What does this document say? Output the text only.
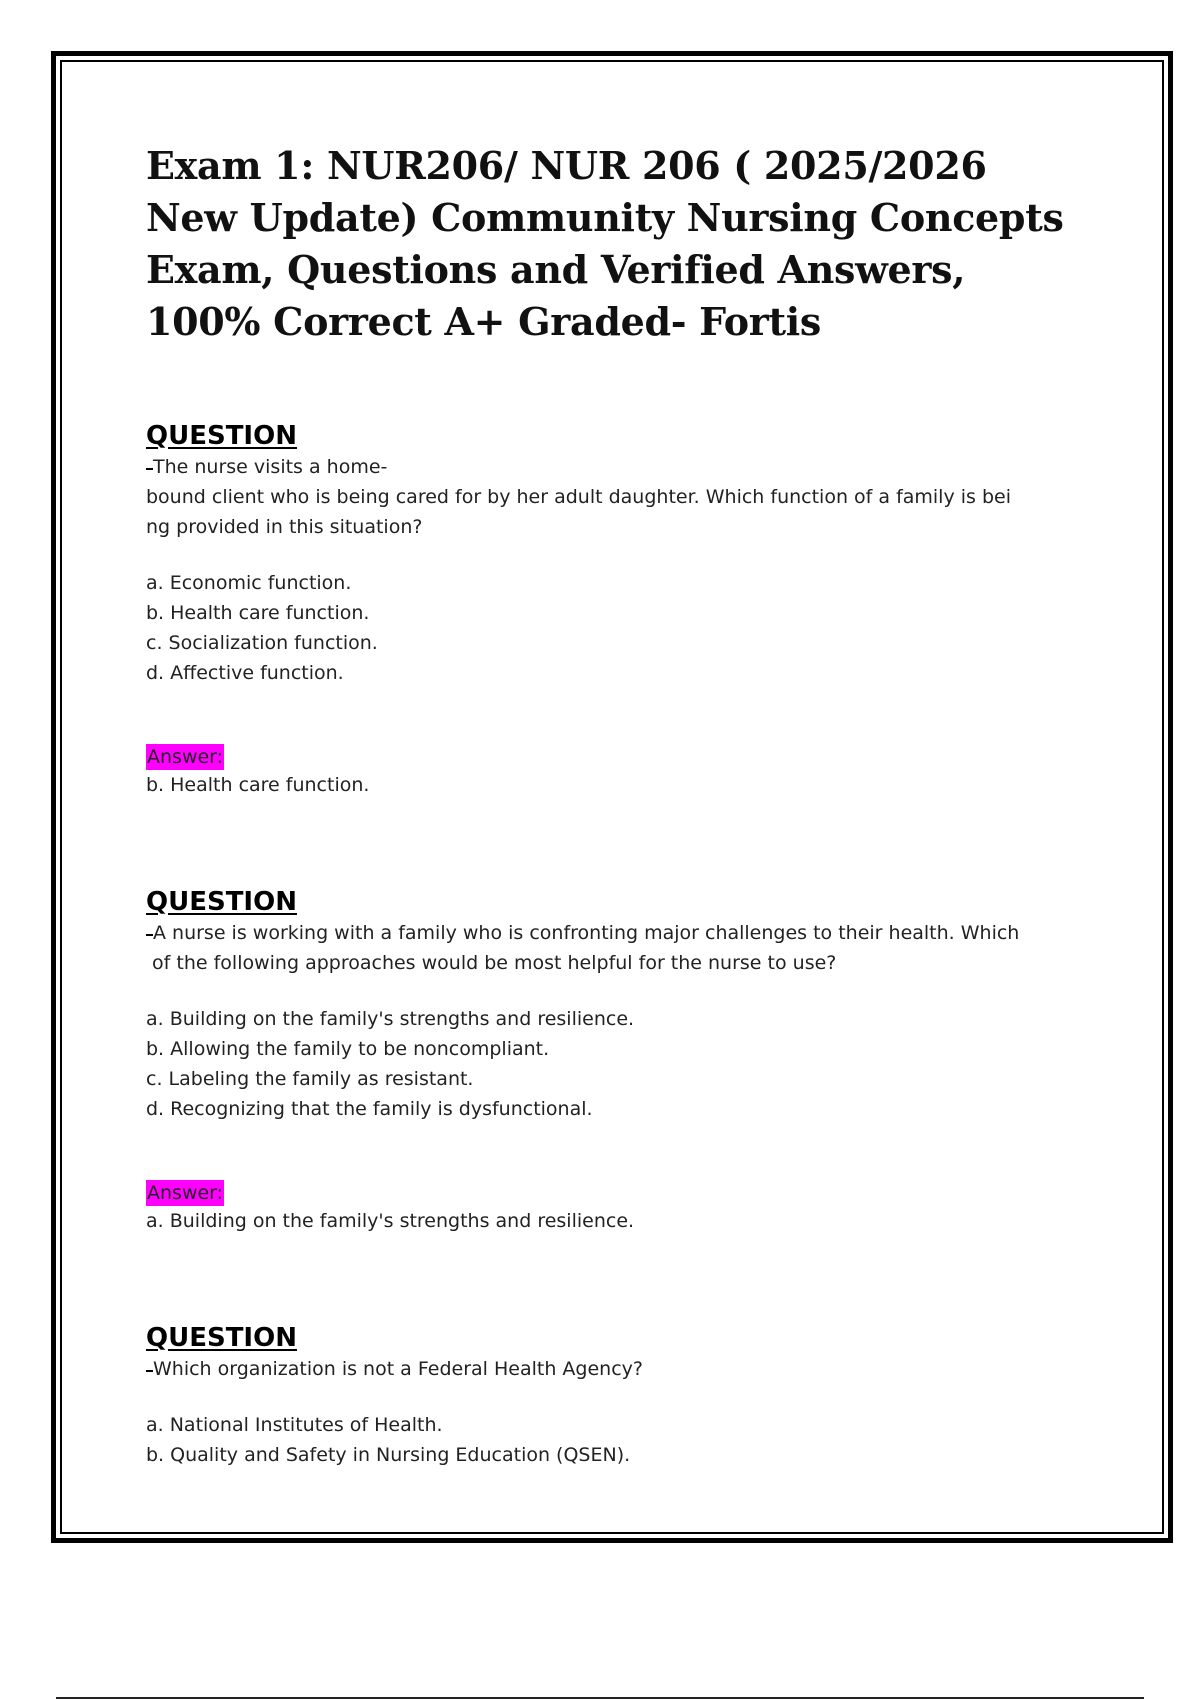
Exam 1: NUR206/ NUR 206 ( 2025/2026 New Update) Community Nursing Concepts Exam, Questions and Verified Answers, 100% Correct A+ Graded- Fortis

QUESTION

The nurse visits a home-

bound client who is being cared for by her adult daughter. Which function of a family is bei

ng provided in this situation?

a. Economic function.
b. Health care function.
c. Socialization function.
d. Affective function.
Answer:

b. Health care function.

QUESTION

A nurse is working with a family who is confronting major challenges to their health. Which

of the following approaches would be most helpful for the nurse to use?

a. Building on the family's strengths and resilience.
b. Allowing the family to be noncompliant.
c. Labeling the family as resistant.
d. Recognizing that the family is dysfunctional.
Answer:

a. Building on the family's strengths and resilience.

QUESTION

Which organization is not a Federal Health Agency?

a. National Institutes of Health.
b. Quality and Safety in Nursing Education (QSEN).
